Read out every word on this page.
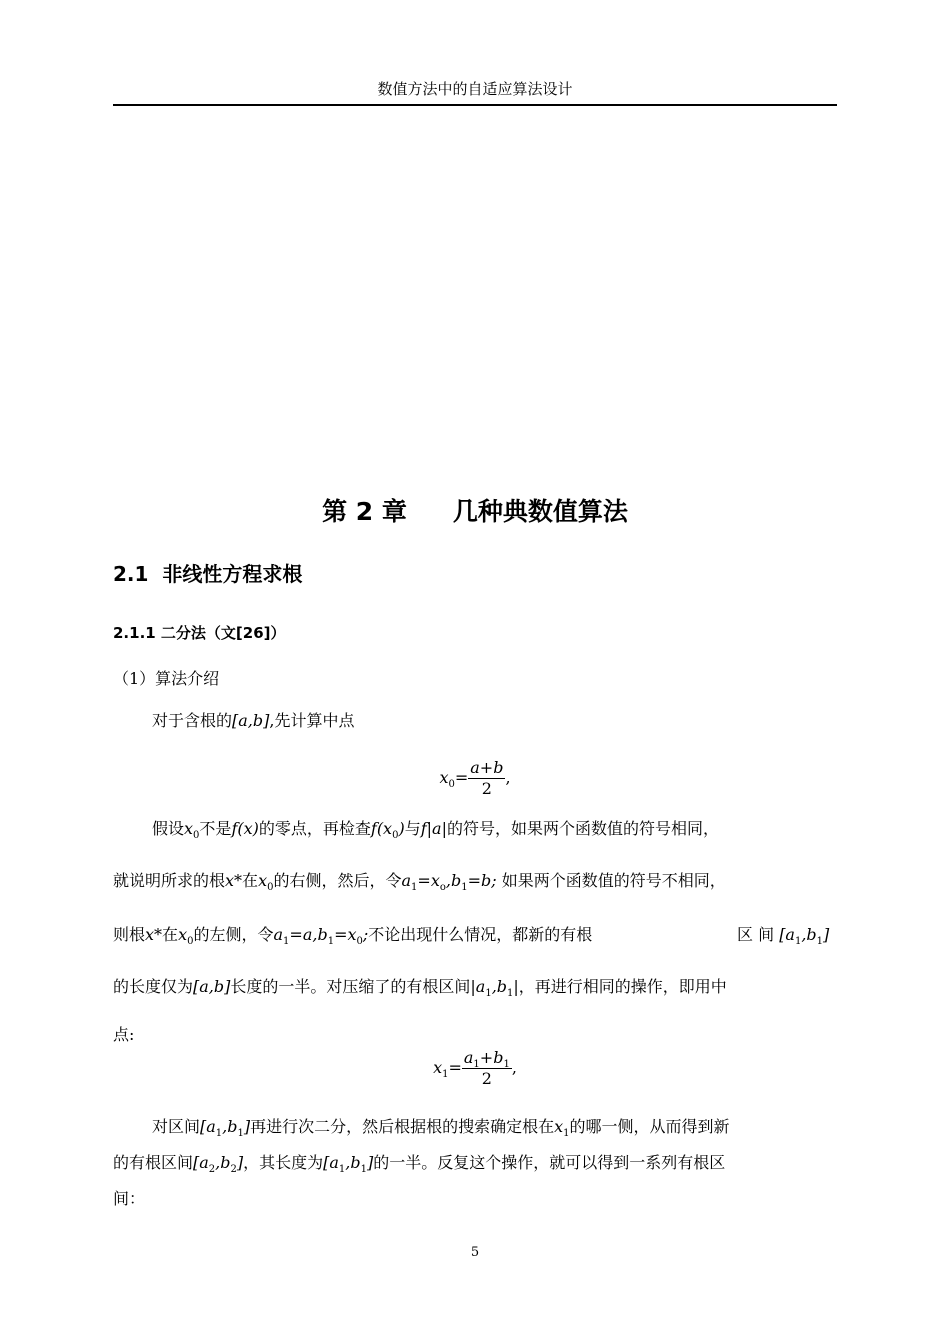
数值方法中的自适应算法设计
第 2 章 几种典数值算法
2.1 非线性方程求根
2.1.1 二分法（文[26]）
（1）算法介绍
对于含根的[a,b],先计算中点
$x_0= \frac{a+b}{2}$ ,
假设$x_0$不是f(x)的零点，再检查$f(x_0)$与f|a|的符号，如果两个函数值的符号相同，
就说明所求的根x*在$x_0$的右侧，然后，令$a_1=x_o,b_1=b$; 如果两个函数值的符号不相同，
则根x*在$x_0$的左侧，令$a_1=a,b_1=x_0$;不论出现什么情况，都新的有根	区 间 $[a_1,b_1]$
的长度仅为[a,b]长度的一半。对压缩了的有根区间$|a_1,b_1|$，再进行相同的操作，即用中
点:
$x_1= \frac{a_1+b_1}{2}$ ,
对区间$[a_1,b_1]$再进行次二分，然后根据根的搜索确定根在$x_1$的哪一侧，从而得到新
的有根区间$[a_2,b_2]$，其长度为$[a_1,b_1]$的一半。反复这个操作，就可以得到一系列有根区
间：
5
